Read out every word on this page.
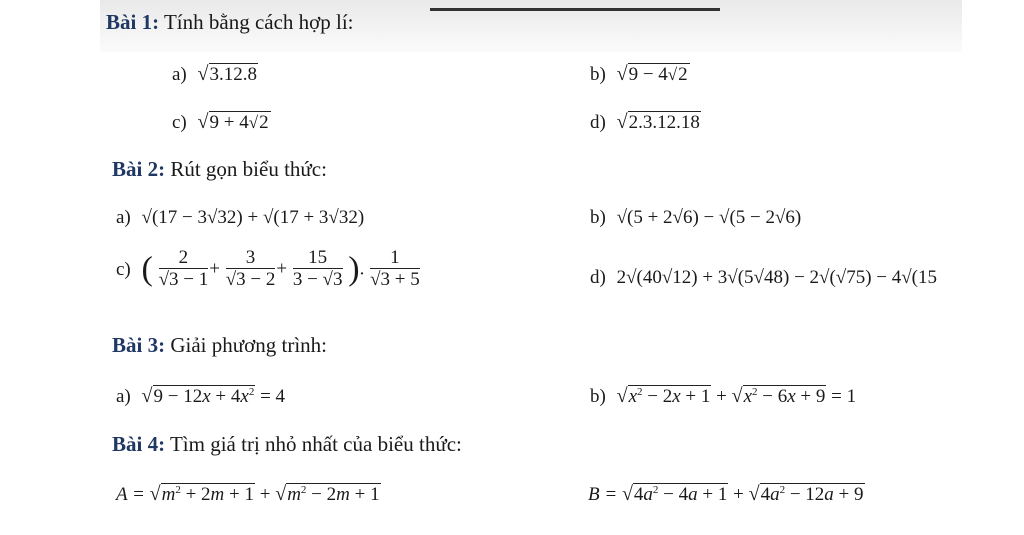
Bài 1: Tính bằng cách hợp lí:
a) √3.12.8	b) √9 − 4√2
c) √9 + 4√2	d) √2.3.12.18
Bài 2: Rút gọn biểu thức:
a) √(17 − 3√32) + √(17 + 3√32)	b) √(5 + 2√6) − √(5 − 2√6)
c) ( $\frac{2}{√3 - 1} + \frac{3}{√3 - 2} + \frac{15}{3 - √3}$ ). $\frac{1}{√3 + 5}$	d) 2√(40√12) + 3√(5√48) − 2√(√75) − 4√(15
Bài 3: Giải phương trình:
a) $√9 - 12x + 4x^2 = 4$	b) $√x^2 - 2x + 1 + √x^2 - 6x + 9 = 1$
Bài 4: Tìm giá trị nhỏ nhất của biểu thức:
$A = √m^2 + 2m + 1 + √m^2 - 2m + 1$	$B = √4a^2 - 4a + 1 + √4a^2 - 12a + 9$
